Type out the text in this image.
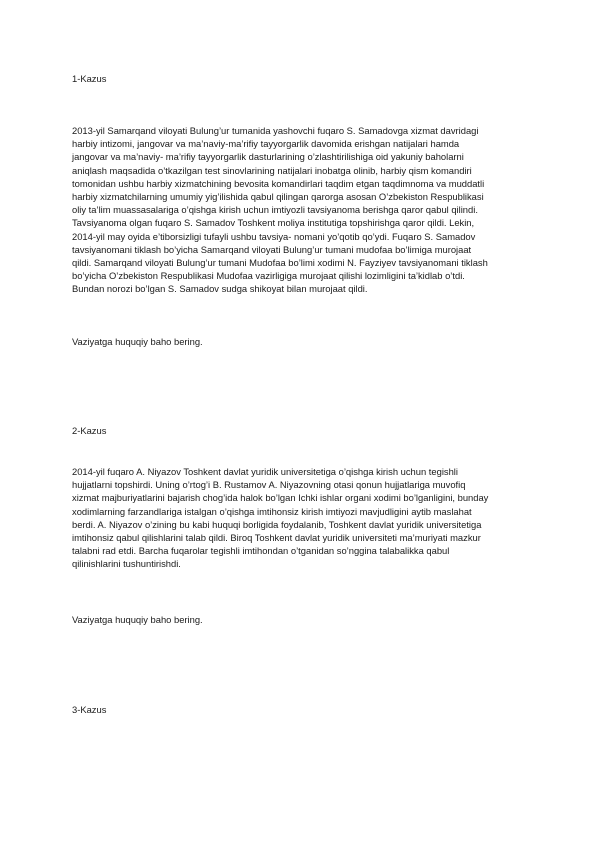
1-Kazus
2013-yil Samarqand viloyati Bulung’ur tumanida yashovchi fuqaro S. Samadovga xizmat davridagi
harbiy intizomi, jangovar va ma’naviy-ma’rifiy tayyorgarlik davomida erishgan natijalari hamda
jangovar va ma’naviy- ma’rifiy tayyorgarlik dasturlarining o’zlashtirilishiga oid yakuniy baholarni
aniqlash maqsadida o’tkazilgan test sinovlarining natijalari inobatga olinib, harbiy qism komandiri
tomonidan ushbu harbiy xizmatchining bevosita komandirlari taqdim etgan taqdimnoma va muddatli
harbiy xizmatchilarning umumiy yig’ilishida qabul qilingan qarorga asosan O’zbekiston Respublikasi
oliy ta’lim muassasalariga o’qishga kirish uchun imtiyozli tavsiyanoma berishga qaror qabul qilindi.
Tavsiyanoma olgan fuqaro S. Samadov Toshkent moliya institutiga topshirishga qaror qildi. Lekin,
2014-yil may oyida e’tiborsizligi tufayli ushbu tavsiya- nomani yo’qotib qo’ydi. Fuqaro S. Samadov
tavsiyanomani tiklash bo’yicha Samarqand viloyati Bulung’ur tumani mudofaa bo’limiga murojaat
qildi. Samarqand viloyati Bulung’ur tumani Mudofaa bo’limi xodimi N. Fayziyev tavsiyanomani tiklash
bo’yicha O’zbekiston Respublikasi Mudofaa vazirligiga murojaat qilishi lozimligini ta’kidlab o’tdi.
Bundan norozi bo’lgan S. Samadov sudga shikoyat bilan murojaat qildi.
Vaziyatga huquqiy baho bering.
2-Kazus
2014-yil fuqaro A. Niyazov Toshkent davlat yuridik universitetiga o’qishga kirish uchun tegishli
hujjatlarni topshirdi. Uning o’rtog’i B. Rustamov A. Niyazovning otasi qonun hujjatlariga muvofiq
xizmat majburiyatlarini bajarish chog’ida halok bo’lgan Ichki ishlar organi xodimi bo’lganligini, bunday
xodimlarning farzandlariga istalgan o’qishga imtihonsiz kirish imtiyozi mavjudligini aytib maslahat
berdi. A. Niyazov o’zining bu kabi huquqi borligida foydalanib, Toshkent davlat yuridik universitetiga
imtihonsiz qabul qilishlarini talab qildi. Biroq Toshkent davlat yuridik universiteti ma’muriyati mazkur
talabni rad etdi. Barcha fuqarolar tegishli imtihondan o’tganidan so’nggina talabalikka qabul
qilinishlarini tushuntirishdi.
Vaziyatga huquqiy baho bering.
3-Kazus
